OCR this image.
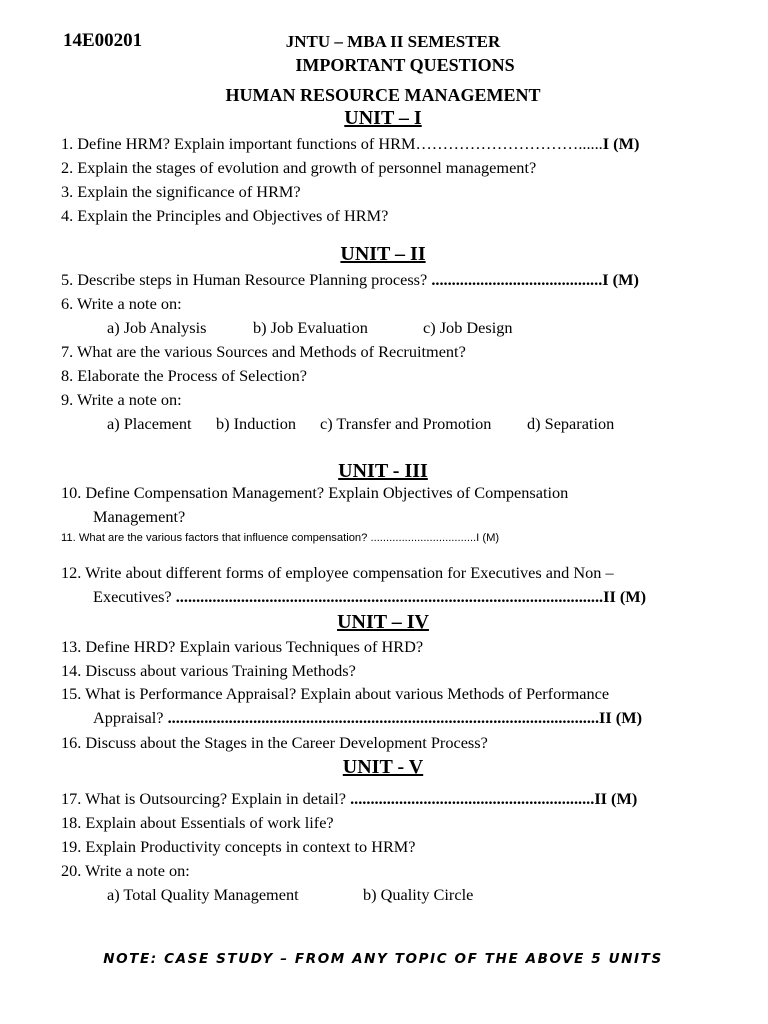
14E00201	JNTU – MBA II SEMESTER
IMPORTANT QUESTIONS
HUMAN RESOURCE MANAGEMENT
UNIT – I
1. Define HRM? Explain important functions of HRM…………………………......I (M)
2. Explain the stages of evolution and growth of personnel management?
3. Explain the significance of HRM?
4. Explain the Principles and Objectives of HRM?
UNIT – II
5. Describe steps in Human Resource Planning process? ..........................................I (M)
6. Write a note on:
a) Job Analysis	b) Job Evaluation	c) Job Design
7. What are the various Sources and Methods of Recruitment?
8. Elaborate the Process of Selection?
9. Write a note on:
a) Placement b) Induction c) Transfer and Promotion d) Separation
UNIT - III
10. Define Compensation Management? Explain Objectives of Compensation
Management?
11. What are the various factors that influence compensation? ..................................I (M)
12. Write about different forms of employee compensation for Executives and Non –
Executives? .........................................................................................................II (M)
UNIT – IV
13. Define HRD? Explain various Techniques of HRD?
14. Discuss about various Training Methods?
15. What is Performance Appraisal? Explain about various Methods of Performance
Appraisal? ..........................................................................................................II (M)
16. Discuss about the Stages in the Career Development Process?
UNIT - V
17. What is Outsourcing? Explain in detail? ............................................................II (M)
18. Explain about Essentials of work life?
19. Explain Productivity concepts in context to HRM?
20. Write a note on:
a) Total Quality Management	b) Quality Circle
NOTE: CASE STUDY – FROM ANY TOPIC OF THE ABOVE 5 UNITS
